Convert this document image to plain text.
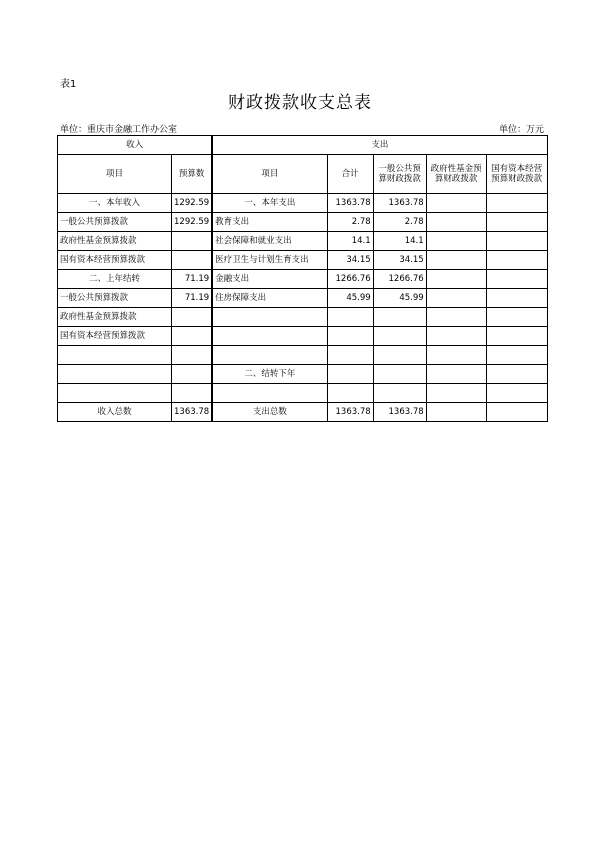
表1
财政拨款收支总表
单位：重庆市金融工作办公室	单位：万元
收入		支出				
项目	预算数	项目	合计	一般公共预算财政拨款	政府性基金预算财政拨款	国有资本经营预算财政拨款
一、本年收入	1292.59	一、本年支出	1363.78	1363.78		
一般公共预算拨款	1292.59	教育支出	2.78	2.78		
政府性基金预算拨款		社会保障和就业支出	14.1	14.1		
国有资本经营预算拨款		医疗卫生与计划生育支出	34.15	34.15		
二、上年结转	71.19	金融支出	1266.76	1266.76		
一般公共预算拨款	71.19	住房保障支出	45.99	45.99		
政府性基金预算拨款						
国有资本经营预算拨款						

		二、结转下年				

收入总数	1363.78	支出总数	1363.78	1363.78		
